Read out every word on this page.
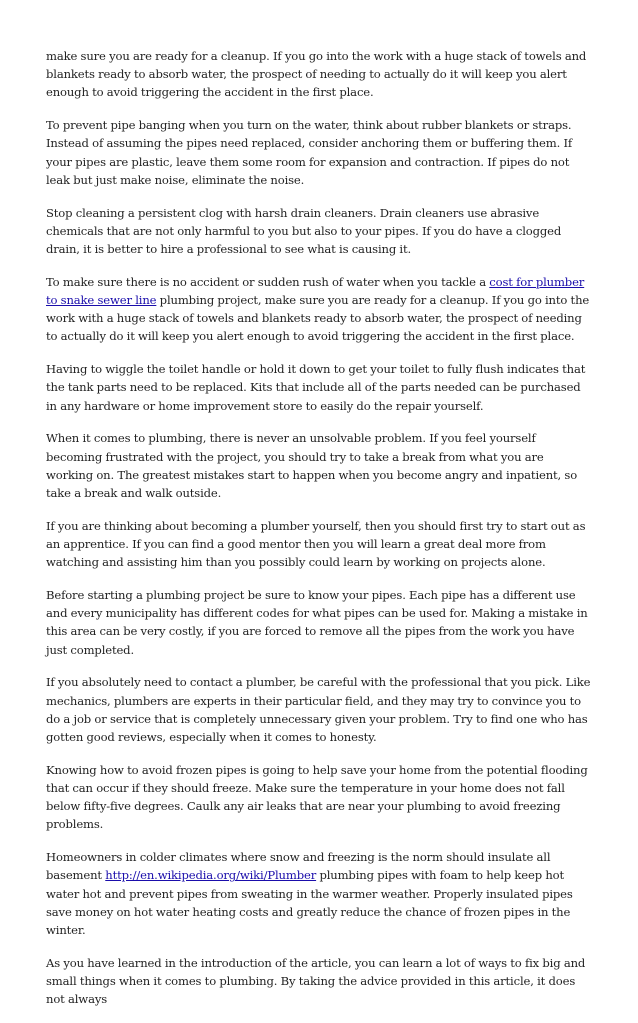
make sure you are ready for a cleanup. If you go into the work with a huge stack of towels and blankets ready to absorb water, the prospect of needing to actually do it will keep you alert enough to avoid triggering the accident in the first place.

To prevent pipe banging when you turn on the water, think about rubber blankets or straps. Instead of assuming the pipes need replaced, consider anchoring them or buffering them. If your pipes are plastic, leave them some room for expansion and contraction. If pipes do not leak but just make noise, eliminate the noise.

Stop cleaning a persistent clog with harsh drain cleaners. Drain cleaners use abrasive chemicals that are not only harmful to you but also to your pipes. If you do have a clogged drain, it is better to hire a professional to see what is causing it.

To make sure there is no accident or sudden rush of water when you tackle a cost for plumber to snake sewer line plumbing project, make sure you are ready for a cleanup. If you go into the work with a huge stack of towels and blankets ready to absorb water, the prospect of needing to actually do it will keep you alert enough to avoid triggering the accident in the first place.

Having to wiggle the toilet handle or hold it down to get your toilet to fully flush indicates that the tank parts need to be replaced. Kits that include all of the parts needed can be purchased in any hardware or home improvement store to easily do the repair yourself.

When it comes to plumbing, there is never an unsolvable problem. If you feel yourself becoming frustrated with the project, you should try to take a break from what you are working on. The greatest mistakes start to happen when you become angry and inpatient, so take a break and walk outside.

If you are thinking about becoming a plumber yourself, then you should first try to start out as an apprentice. If you can find a good mentor then you will learn a great deal more from watching and assisting him than you possibly could learn by working on projects alone.

Before starting a plumbing project be sure to know your pipes. Each pipe has a different use and every municipality has different codes for what pipes can be used for. Making a mistake in this area can be very costly, if you are forced to remove all the pipes from the work you have just completed.

If you absolutely need to contact a plumber, be careful with the professional that you pick. Like mechanics, plumbers are experts in their particular field, and they may try to convince you to do a job or service that is completely unnecessary given your problem. Try to find one who has gotten good reviews, especially when it comes to honesty.

Knowing how to avoid frozen pipes is going to help save your home from the potential flooding that can occur if they should freeze. Make sure the temperature in your home does not fall below fifty-five degrees. Caulk any air leaks that are near your plumbing to avoid freezing problems.

Homeowners in colder climates where snow and freezing is the norm should insulate all basement http://en.wikipedia.org/wiki/Plumber plumbing pipes with foam to help keep hot water hot and prevent pipes from sweating in the warmer weather. Properly insulated pipes save money on hot water heating costs and greatly reduce the chance of frozen pipes in the winter.

As you have learned in the introduction of the article, you can learn a lot of ways to fix big and small things when it comes to plumbing. By taking the advice provided in this article, it does not always
